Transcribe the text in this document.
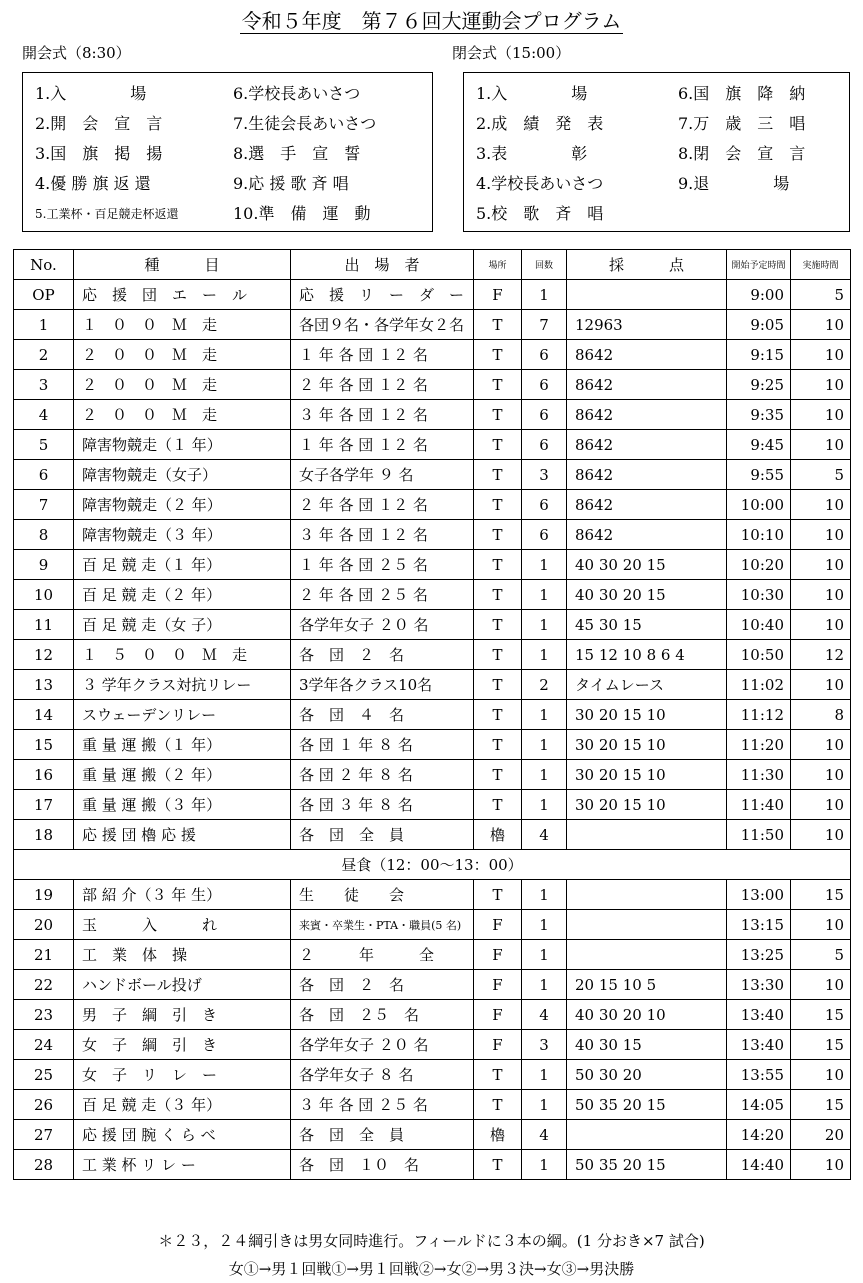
令和５年度　第７６回大運動会プログラム
開会式（8:30）	閉会式（15:00）
1.入　　　　場
2.開　会　宣　言
3.国　旗　掲　揚
4.優 勝 旗 返 還
5.工業杯・百足競走杯返還
6.学校長あいさつ
7.生徒会長あいさつ
8.選　手　宣　誓
9.応 援 歌 斉 唱
10.準　備　運　動
1.入　　　　場
2.成　績　発　表
3.表　　　　彰
4.学校長あいさつ
5.校　歌　斉　唱
6.国　旗　降　納
7.万　歳　三　唱
8.閉　会　宣　言
9.退　　　　場
No.	種　　　目	出　場　者	場所	回数	採　　　点	開始予定時間	実施時間
OP	応　援　団　エ　ー　ル	応　援　リ　ー　ダ　ー	F	1		9:00	5
1	１　０　０　Ｍ　走	各団９名・各学年女２名	T	7	12963	9:05	10
2	２　０　０　Ｍ　走	１ 年 各 団 １２ 名	T	6	8642	9:15	10
3	２　０　０　Ｍ　走	２ 年 各 団 １２ 名	T	6	8642	9:25	10
4	２　０　０　Ｍ　走	３ 年 各 団 １２ 名	T	6	8642	9:35	10
5	障害物競走（１ 年）	１ 年 各 団 １２ 名	T	6	8642	9:45	10
6	障害物競走（女子）	女子各学年 ９ 名	T	3	8642	9:55	5
7	障害物競走（２ 年）	２ 年 各 団 １２ 名	T	6	8642	10:00	10
8	障害物競走（３ 年）	３ 年 各 団 １２ 名	T	6	8642	10:10	10
9	百 足 競 走（１ 年）	１ 年 各 団 ２５ 名	T	1	40 30 20 15	10:20	10
10	百 足 競 走（２ 年）	２ 年 各 団 ２５ 名	T	1	40 30 20 15	10:30	10
11	百 足 競 走（女 子）	各学年女子 ２０ 名	T	1	45 30 15	10:40	10
12	１　５　０　０　Ｍ　走	各　団　２　名	T	1	15 12 10 8 6 4	10:50	12
13	３ 学年クラス対抗リレー	3学年各クラス10名	T	2	タイムレース	11:02	10
14	スウェーデンリレー	各　団　４　名	T	1	30 20 15 10	11:12	8
15	重 量 運 搬（１ 年）	各 団 １ 年 ８ 名	T	1	30 20 15 10	11:20	10
16	重 量 運 搬（２ 年）	各 団 ２ 年 ８ 名	T	1	30 20 15 10	11:30	10
17	重 量 運 搬（３ 年）	各 団 ３ 年 ８ 名	T	1	30 20 15 10	11:40	10
18	応 援 団 櫓 応 援	各　団　全　員	櫓	4		11:50	10
昼食（12：00～13：00）							
19	部 紹 介（３ 年 生）	生　　徒　　会	T	1		13:00	15
20	玉　　　入　　　れ	来賓・卒業生・PTA・職員(5 名)	F	1		13:15	10
21	工　業　体　操	２　　　年　　　全	F	1		13:25	5
22	ハンドボール投げ	各　団　２　名	F	1	20 15 10 5	13:30	10
23	男　子　綱　引　き	各　団　２５　名	F	4	40 30 20 10	13:40	15
24	女　子　綱　引　き	各学年女子 ２０ 名	F	3	40 30 15	13:40	15
25	女　子　リ　レ　ー	各学年女子 ８ 名	T	1	50 30 20	13:55	10
26	百 足 競 走（３ 年）	３ 年 各 団 ２５ 名	T	1	50 35 20 15	14:05	15
27	応 援 団 腕 く ら べ	各　団　全　員	櫓	4		14:20	20
28	工 業 杯 リ レ ー	各　団　１０　名	T	1	50 35 20 15	14:40	10
＊２３，２４綱引きは男女同時進行。フィールドに３本の綱。(1 分おき×7 試合)
女①→男１回戦①→男１回戦②→女②→男３決→女③→男決勝
